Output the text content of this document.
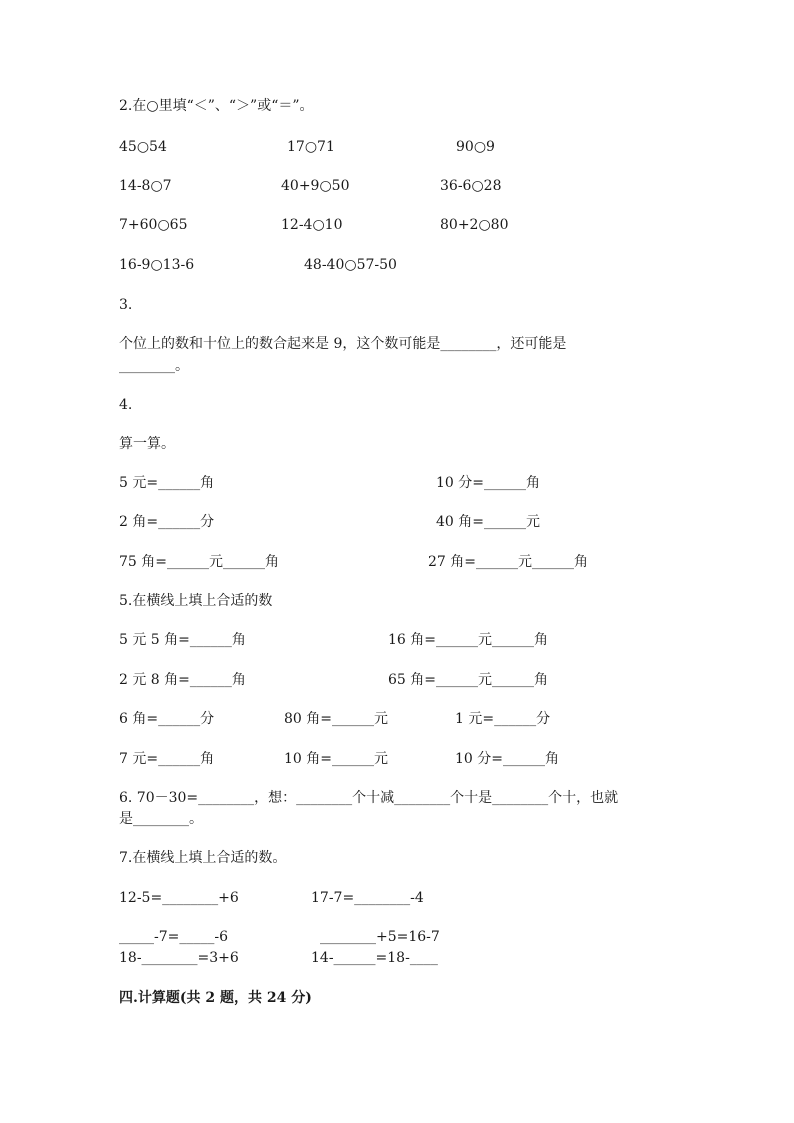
2.在○里填“＜”、“＞”或“＝”。
45○54	17○71	90○9
14-8○7	40+9○50	36-6○28
7+60○65	12-4○10	80+2○80
16-9○13-6	48-40○57-50
3.
个位上的数和十位上的数合起来是 9，这个数可能是________，还可能是
________。
4.
算一算。
5 元=______角	10 分=______角
2 角=______分	40 角=______元
75 角=______元______角	27 角=______元______角
5.在横线上填上合适的数
5 元 5 角=______角	16 角=______元______角
2 元 8 角=______角	65 角=______元______角
6 角=______分	80 角=______元	1 元=______分
7 元=______角	10 角=______元	10 分=______角
6. 70－30=________，想：________个十减________个十是________个十，也就
是________。
7.在横线上填上合适的数。
12-5=________+6	17-7=________-4
_____-7=_____-6	________+5=16-7
18-________=3+6	14-______=18-____
四.计算题(共 2 题，共 24 分)
